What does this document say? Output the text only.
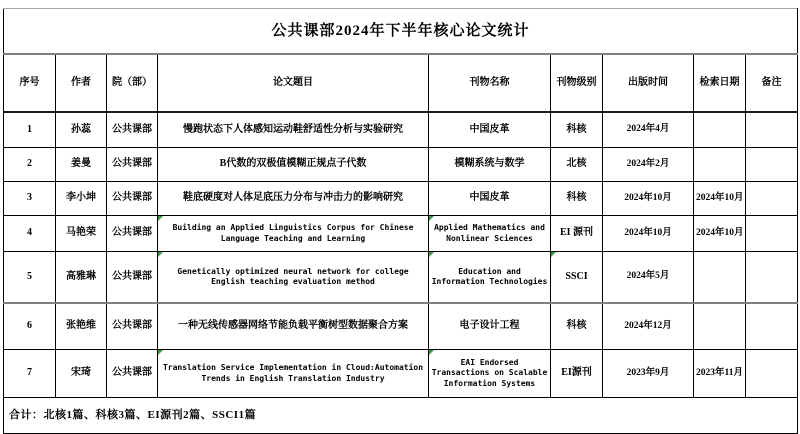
公共课部2024年下半年核心论文统计								
序号	作者	院（部）	论文题目	刊物名称	刊物级别	出版时间	检索日期	备注
1	孙蕊	公共课部	慢跑状态下人体感知运动鞋舒适性分析与实验研究	中国皮革	科核	2024年4月		
2	姜曼	公共课部	B代数的双极值模糊正规点子代数	模糊系统与数学	北核	2024年2月		
3	李小坤	公共课部	鞋底硬度对人体足底压力分布与冲击力的影响研究	中国皮革	科核	2024年10月	2024年10月	
4	马艳荣	公共课部	Building an Applied Linguistics Corpus for Chinese Language Teaching and Learning	Applied Mathematics and Nonlinear Sciences	EI 源刊	2024年10月	2024年10月	
5	高雅琳	公共课部	Genetically optimized neural network for college English teaching evaluation method	Education and Information Technologies	SSCI	2024年5月		
6	张艳维	公共课部	一种无线传感器网络节能负载平衡树型数据聚合方案	电子设计工程	科核	2024年12月		
7	宋琦	公共课部	Translation Service Implementation in Cloud:Automation Trends in English Translation Industry	EAI Endorsed Transactions on Scalable Information Systems	EI源刊	2023年9月	2023年11月	
合计：北核1篇、科核3篇、EI源刊2篇、SSCI1篇								
